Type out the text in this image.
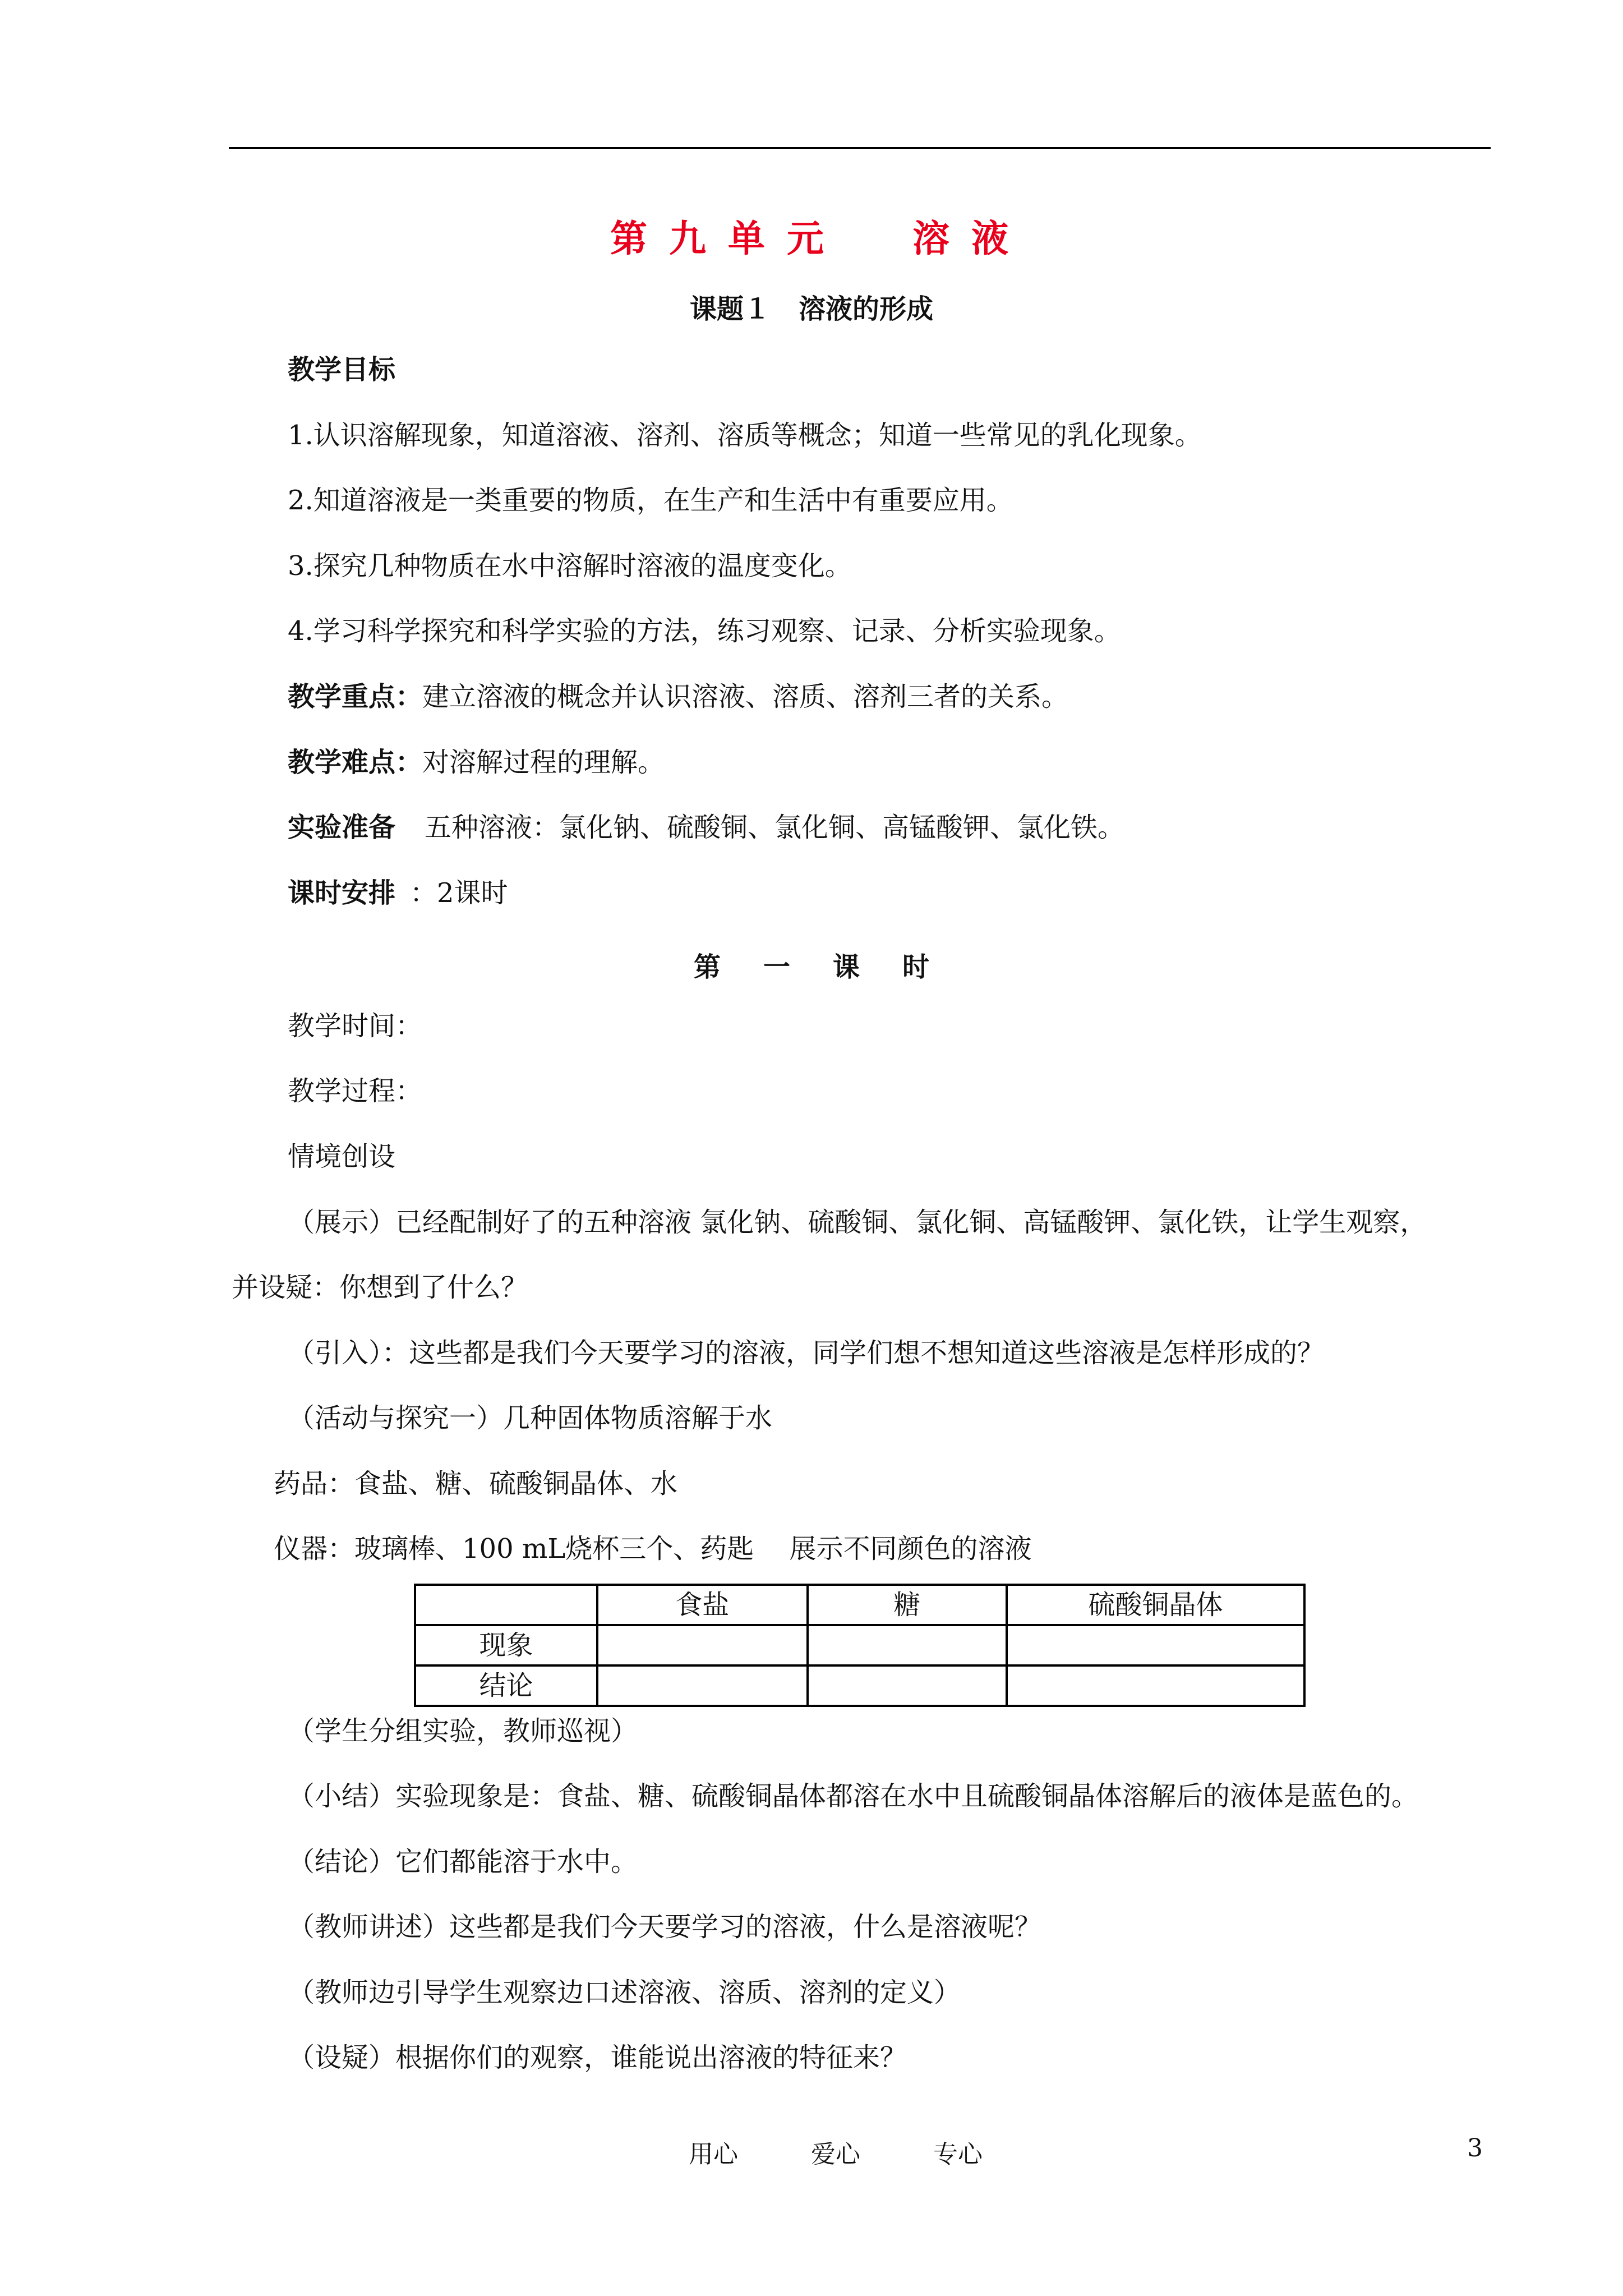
第 九 单 元 溶 液
课题１ 溶液的形成
教学目标
1.认识溶解现象，知道溶液、溶剂、溶质等概念；知道一些常见的乳化现象。
2.知道溶液是一类重要的物质，在生产和生活中有重要应用。
3.探究几种物质在水中溶解时溶液的温度变化。
4.学习科学探究和科学实验的方法，练习观察、记录、分析实验现象。
教学重点：建立溶液的概念并认识溶液、溶质、溶剂三者的关系。
教学难点：对溶解过程的理解。
实验准备 五种溶液：氯化钠、硫酸铜、氯化铜、高锰酸钾、氯化铁。
课时安排 ：2课时
第 一 课 时
教学时间：
教学过程：
情境创设
（展示）已经配制好了的五种溶液 氯化钠、硫酸铜、氯化铜、高锰酸钾、氯化铁，让学生观察，
并设疑：你想到了什么？
（引入）：这些都是我们今天要学习的溶液，同学们想不想知道这些溶液是怎样形成的？
（活动与探究一）几种固体物质溶解于水
药品：食盐、糖、硫酸铜晶体、水
仪器：玻璃棒、100 mL烧杯三个、药匙　 展示不同颜色的溶液
	食盐	糖	硫酸铜晶体
现象			
结论			
（学生分组实验，教师巡视）
（小结）实验现象是：食盐、糖、硫酸铜晶体都溶在水中且硫酸铜晶体溶解后的液体是蓝色的。
（结论）它们都能溶于水中。
（教师讲述）这些都是我们今天要学习的溶液，什么是溶液呢？
（教师边引导学生观察边口述溶液、溶质、溶剂的定义）
（设疑）根据你们的观察，谁能说出溶液的特征来？
用心	爱心	专心	3
